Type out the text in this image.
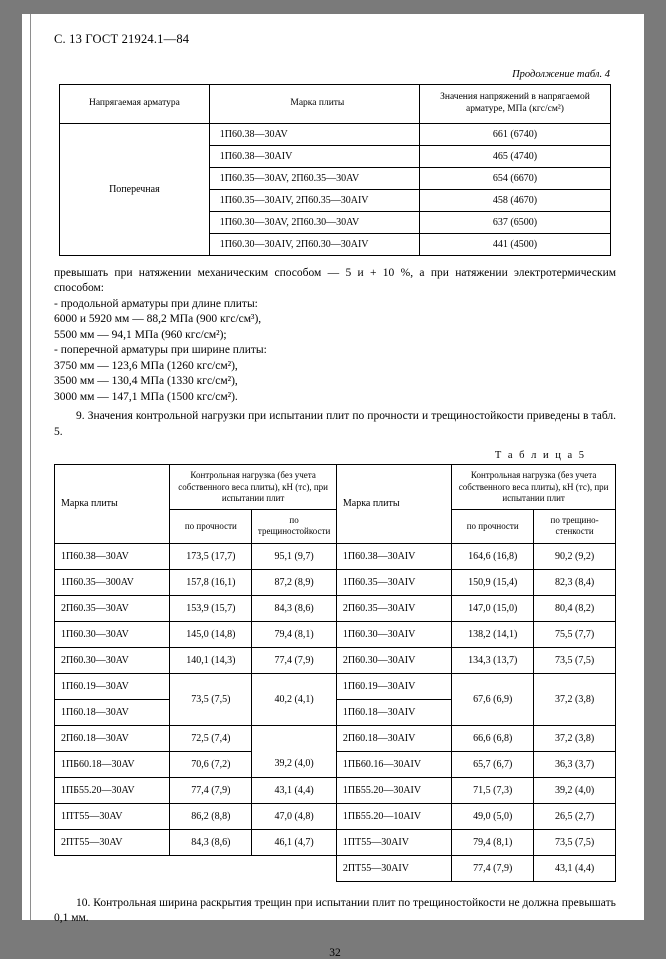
С. 13 ГОСТ 21924.1—84
Продолжение табл. 4
Напрягаемая арматура	Марка плиты	Значения напряжений в напрягаемой арматуре, МПа (кгс/см²)
Поперечная	1П60.38—30AV	661 (6740)
	1П60.38—30AIV	465 (4740)
	1П60.35—30AV, 2П60.35—30AV	654 (6670)
	1П60.35—30AIV, 2П60.35—30AIV	458 (4670)
	1П60.30—30AV, 2П60.30—30AV	637 (6500)
	1П60.30—30AIV, 2П60.30—30AIV	441 (4500)

превышать при натяжении механическим способом — 5 и + 10 %, а при натяжении электротермическим способом:

- продольной арматуры при длине плиты:

6000 и 5920 мм — 88,2 МПа (900 кгс/см³),

5500 мм — 94,1 МПа (960 кгс/см²);

- поперечной арматуры при ширине плиты:

3750 мм — 123,6 МПа (1260 кгс/см²),

3500 мм — 130,4 МПа (1330 кгс/см²),

3000 мм — 147,1 МПа (1500 кгс/см²).

9. Значения контрольной нагрузки при испытании плит по прочности и трещиностойкости приведены в табл. 5.

Т а б л и ц а 5
Марка плиты	Контрольная нагрузка (без учета собственного веса плиты), кН (тс), при испытании плит		Марка плиты	Контрольная нагрузка (без учета собственного веса плиты), кН (тс), при испытании плит	
	по прочности	по трещиностойкости		по прочности	по трещино- стенкости
1П60.38—30AV	173,5 (17,7)	95,1 (9,7)	1П60.38—30AIV	164,6 (16,8)	90,2 (9,2)
1П60.35—300AV	157,8 (16,1)	87,2 (8,9)	1П60.35—30AIV	150,9 (15,4)	82,3 (8,4)
2П60.35—30AV	153,9 (15,7)	84,3 (8,6)	2П60.35—30AIV	147,0 (15,0)	80,4 (8,2)
1П60.30—30AV	145,0 (14,8)	79,4 (8,1)	1П60.30—30AIV	138,2 (14,1)	75,5 (7,7)
2П60.30—30AV	140,1 (14,3)	77,4 (7,9)	2П60.30—30AIV	134,3 (13,7)	73,5 (7,5)
1П60.19—30AV	73,5 (7,5)	40,2 (4,1)	1П60.19—30AIV	67,6 (6,9)	37,2 (3,8)
1П60.18—30AV			1П60.18—30AIV		
2П60.18—30AV	72,5 (7,4)		2П60.18—30AIV	66,6 (6,8)	37,2 (3,8)
1ПБ60.18—30AV	70,6 (7,2)	39,2 (4,0)	1ПБ60.16—30AIV	65,7 (6,7)	36,3 (3,7)
1ПБ55.20—30AV	77,4 (7,9)	43,1 (4,4)	1ПБ55.20—30AIV	71,5 (7,3)	39,2 (4,0)
1ПТ55—30AV	86,2 (8,8)	47,0 (4,8)	1ПБ55.20—10AIV	49,0 (5,0)	26,5 (2,7)
2ПТ55—30AV	84,3 (8,6)	46,1 (4,7)	1ПТ55—30AIV	79,4 (8,1)	73,5 (7,5)
			2ПТ55—30AIV	77,4 (7,9)	43,1 (4,4)
10. Контрольная ширина раскрытия трещин при испытании плит по трещиностойкости не должна превышать 0,1 мм.
32
